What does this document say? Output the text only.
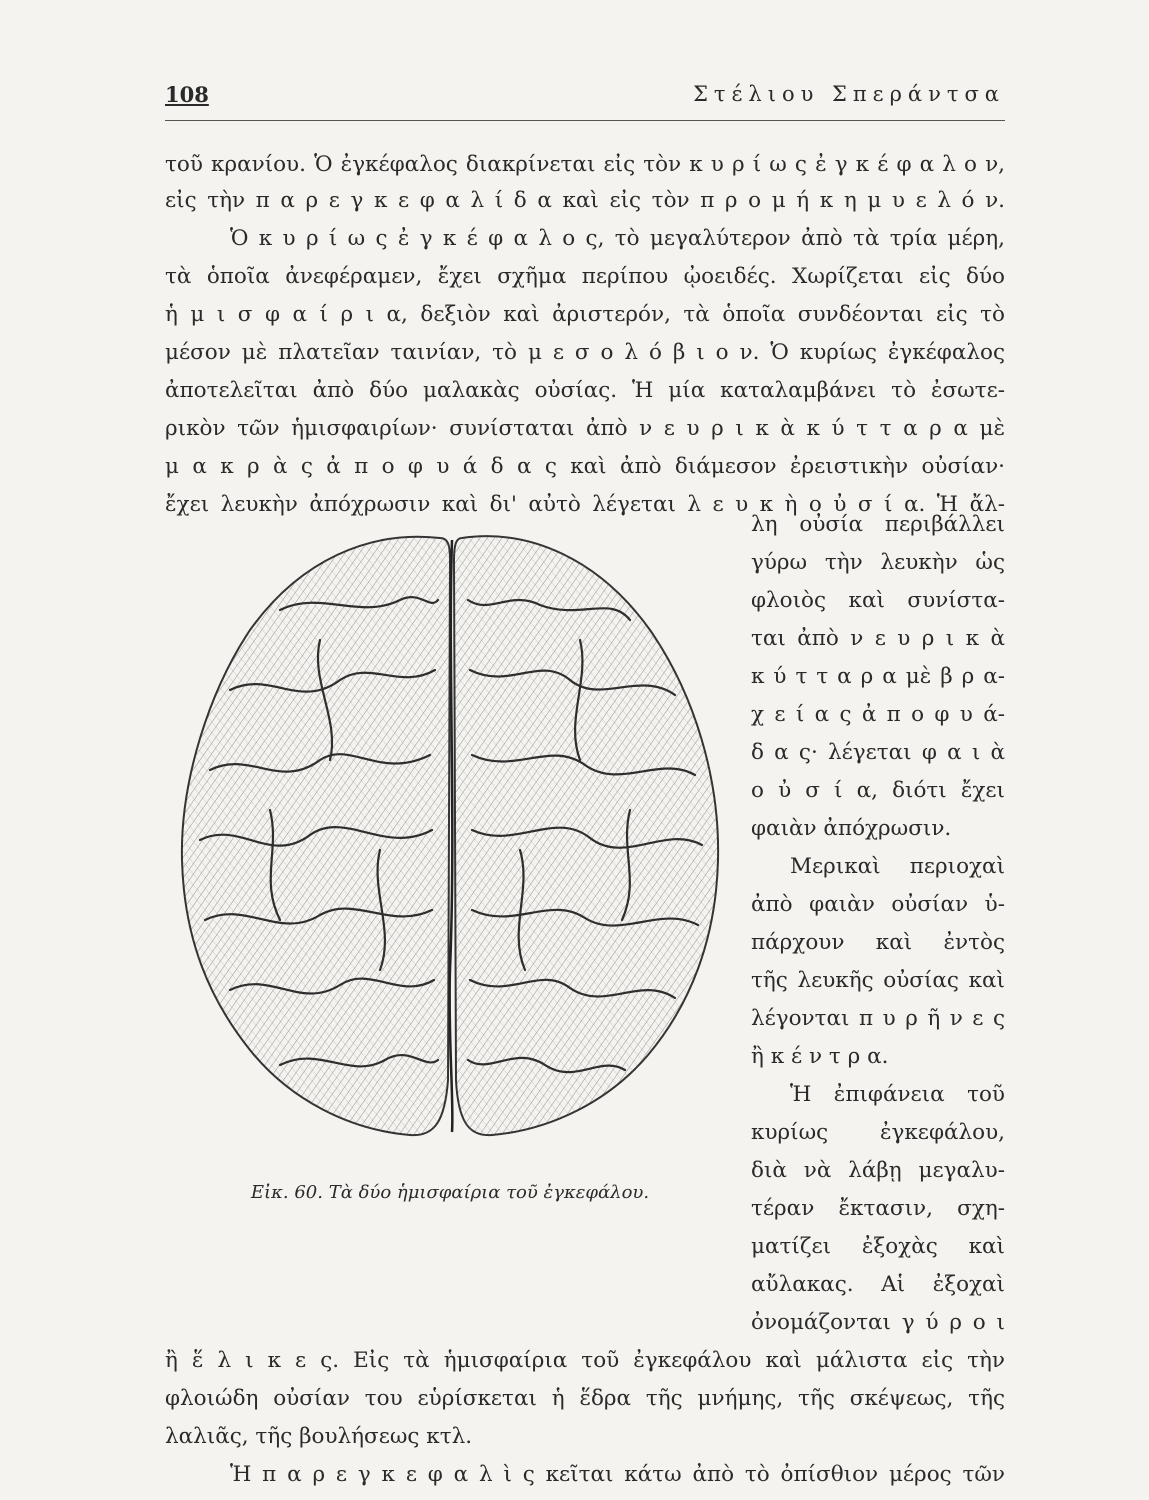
108	Στέλιου Σπεράντσα
τοῦ κρανίου. Ὁ ἐγκέφαλος διακρίνεται εἰς τὸν κ υ ρ ί ω ς ἐ γ κ έ φ α λ ο ν,
εἰς τὴν π α ρ ε γ κ ε φ α λ ί δ α καὶ εἰς τὸν π ρ ο μ ή κ η μ υ ε λ ό ν.
Ὁ κ υ ρ ί ω ς ἐ γ κ έ φ α λ ο ς, τὸ μεγαλύτερον ἀπὸ τὰ τρία μέρη,
τὰ ὁποῖα ἀνεφέραμεν, ἔχει σχῆμα περίπου ᾠοειδές. Χωρίζεται εἰς δύο
ἡ μ ι σ φ α ί ρ ι α, δεξιὸν καὶ ἀριστερόν, τὰ ὁποῖα συνδέονται εἰς τὸ
μέσον μὲ πλατεῖαν ταινίαν, τὸ μ ε σ ο λ ό β ι ο ν. Ὁ κυρίως ἐγκέφαλος
ἀποτελεῖται ἀπὸ δύο μαλακὰς οὐσίας. Ἡ μία καταλαμβάνει τὸ ἐσωτε-
ρικὸν τῶν ἡμισφαιρίων· συνίσταται ἀπὸ ν ε υ ρ ι κ ὰ κ ύ τ τ α ρ α μὲ
μ α κ ρ ὰ ς ἀ π ο φ υ ά δ α ς καὶ ἀπὸ διάμεσον ἐρειστικὴν οὐσίαν·
ἔχει λευκὴν ἀπόχρωσιν καὶ δι' αὐτὸ λέγεται λ ε υ κ ὴ ο ὐ σ ί α. Ἡ ἄλ-
Εἰκ. 60. Τὰ δύο ἡμισφαίρια τοῦ ἐγκεφάλου.
λη οὐσία περιβάλλει
γύρω τὴν λευκὴν ὡς
φλοιὸς καὶ συνίστα-
ται ἀπὸ ν ε υ ρ ι κ ὰ
κ ύ τ τ α ρ α μὲ β ρ α-
χ ε ί α ς ἀ π ο φ υ ά-
δ α ς· λέγεται φ α ι ὰ
ο ὐ σ ί α, διότι ἔχει
φαιὰν ἀπόχρωσιν.
Μερικαὶ περιοχαὶ
ἀπὸ φαιὰν οὐσίαν ὑ-
πάρχουν καὶ ἐντὸς
τῆς λευκῆς οὐσίας καὶ
λέγονται π υ ρ ῆ ν ε ς
ἢ κ έ ν τ ρ α.
Ἡ ἐπιφάνεια τοῦ
κυρίως ἐγκεφάλου,
διὰ νὰ λάβῃ μεγαλυ-
τέραν ἔκτασιν, σχη-
ματίζει ἐξοχὰς καὶ
αὔλακας. Αἱ ἐξοχαὶ
ὀνομάζονται γ ύ ρ ο ι
ἢ ἕ λ ι κ ε ς. Εἰς τὰ ἡμισφαίρια τοῦ ἐγκεφάλου καὶ μάλιστα εἰς τὴν
φλοιώδη οὐσίαν του εὑρίσκεται ἡ ἕδρα τῆς μνήμης, τῆς σκέψεως, τῆς
λαλιᾶς, τῆς βουλήσεως κτλ.
Ἡ π α ρ ε γ κ ε φ α λ ὶ ς κεῖται κάτω ἀπὸ τὸ ὀπίσθιον μέρος τῶν
